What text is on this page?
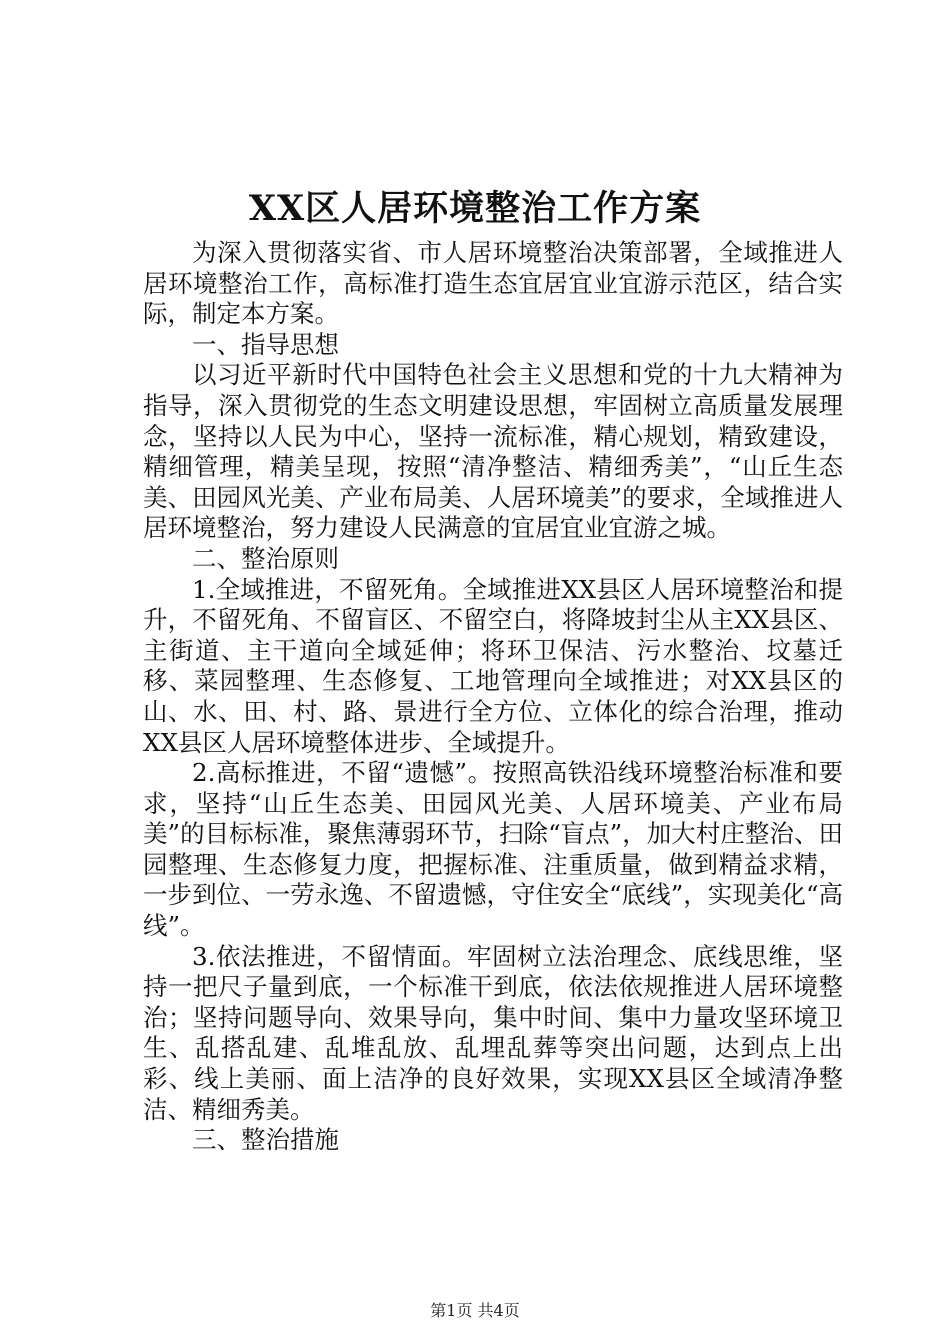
XX区人居环境整治工作方案

为深入贯彻落实省、市人居环境整治决策部署，全域推进人居环境整治工作，高标准打造生态宜居宜业宜游示范区，结合实际，制定本方案。

一、指导思想

以习近平新时代中国特色社会主义思想和党的十九大精神为指导，深入贯彻党的生态文明建设思想，牢固树立高质量发展理念，坚持以人民为中心，坚持一流标准，精心规划，精致建设，精细管理，精美呈现，按照“清净整洁、精细秀美”，“山丘生态美、田园风光美、产业布局美、人居环境美”的要求，全域推进人居环境整治，努力建设人民满意的宜居宜业宜游之城。

二、整治原则

1.全域推进，不留死角。全域推进XX县区人居环境整治和提升，不留死角、不留盲区、不留空白，将降坡封尘从主XX县区、主街道、主干道向全域延伸；将环卫保洁、污水整治、坟墓迁移、菜园整理、生态修复、工地管理向全域推进；对XX县区的山、水、田、村、路、景进行全方位、立体化的综合治理，推动XX县区人居环境整体进步、全域提升。

2.高标推进，不留“遗憾”。按照高铁沿线环境整治标准和要求，坚持“山丘生态美、田园风光美、人居环境美、产业布局美”的目标标准，聚焦薄弱环节，扫除“盲点”，加大村庄整治、田园整理、生态修复力度，把握标准、注重质量，做到精益求精，一步到位、一劳永逸、不留遗憾，守住安全“底线”，实现美化“高线”。

3.依法推进，不留情面。牢固树立法治理念、底线思维，坚持一把尺子量到底，一个标准干到底，依法依规推进人居环境整治；坚持问题导向、效果导向，集中时间、集中力量攻坚环境卫生、乱搭乱建、乱堆乱放、乱埋乱葬等突出问题，达到点上出彩、线上美丽、面上洁净的良好效果，实现XX县区全域清净整洁、精细秀美。

三、整治措施

第1页 共4页
